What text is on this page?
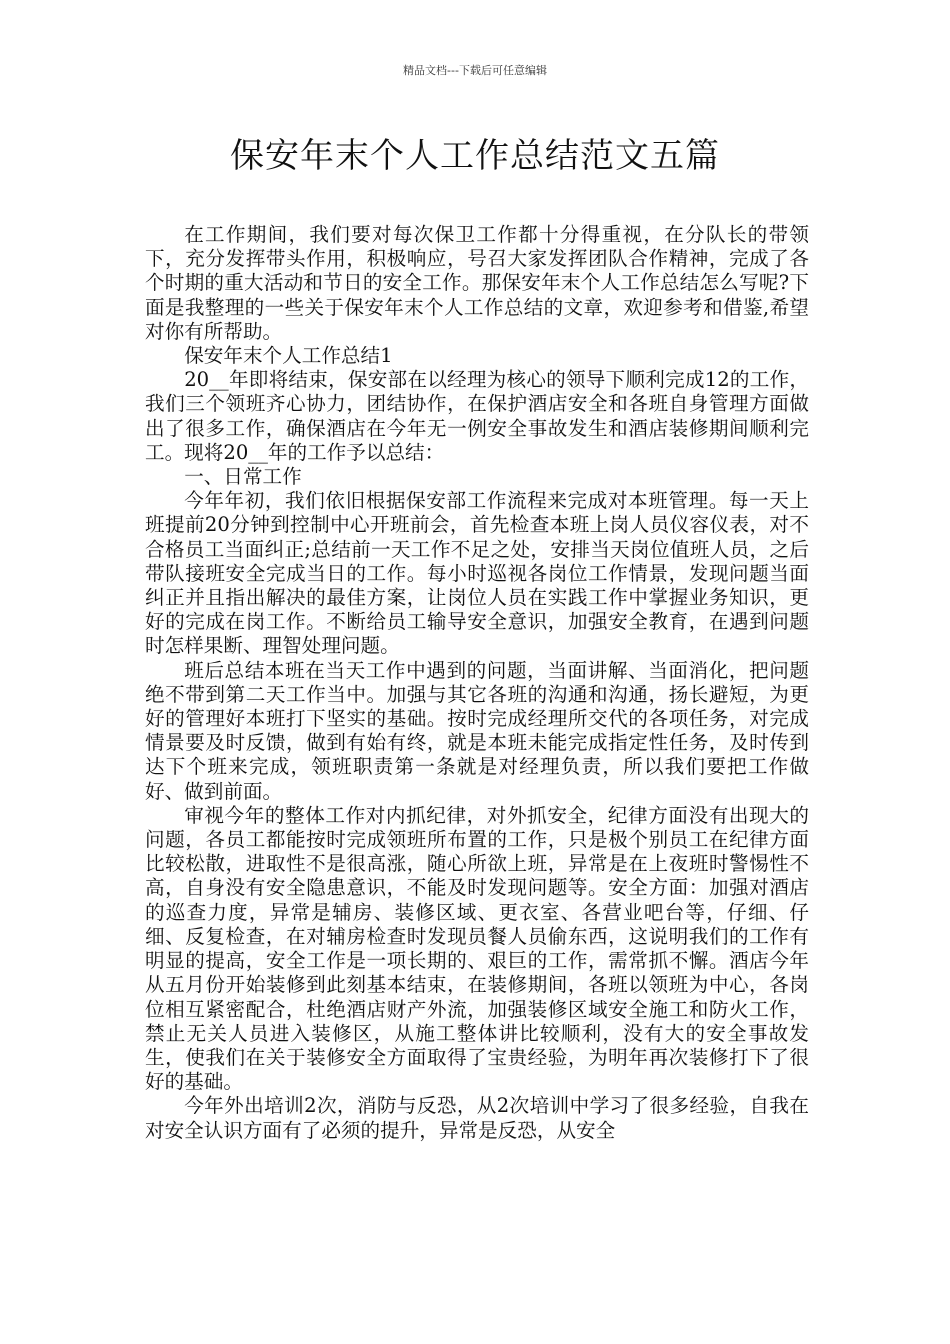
精品文档---下载后可任意编辑
保安年末个人工作总结范文五篇

在工作期间，我们要对每次保卫工作都十分得重视，在分队长的带领下，充分发挥带头作用，积极响应，号召大家发挥团队合作精神，完成了各个时期的重大活动和节日的安全工作。那保安年末个人工作总结怎么写呢?下面是我整理的一些关于保安年末个人工作总结的文章，欢迎参考和借鉴,希望对你有所帮助。

保安年末个人工作总结1

20__年即将结束，保安部在以经理为核心的领导下顺利完成12的工作，我们三个领班齐心协力，团结协作，在保护酒店安全和各班自身管理方面做出了很多工作，确保酒店在今年无一例安全事故发生和酒店装修期间顺利完工。现将20__年的工作予以总结：

一、日常工作

今年年初，我们依旧根据保安部工作流程来完成对本班管理。每一天上班提前20分钟到控制中心开班前会，首先检查本班上岗人员仪容仪表，对不合格员工当面纠正;总结前一天工作不足之处，安排当天岗位值班人员，之后带队接班安全完成当日的工作。每小时巡视各岗位工作情景，发现问题当面纠正并且指出解决的最佳方案，让岗位人员在实践工作中掌握业务知识，更好的完成在岗工作。不断给员工输导安全意识，加强安全教育，在遇到问题时怎样果断、理智处理问题。

班后总结本班在当天工作中遇到的问题，当面讲解、当面消化，把问题绝不带到第二天工作当中。加强与其它各班的沟通和沟通，扬长避短，为更好的管理好本班打下坚实的基础。按时完成经理所交代的各项任务，对完成情景要及时反馈，做到有始有终，就是本班未能完成指定性任务，及时传到达下个班来完成，领班职责第一条就是对经理负责，所以我们要把工作做好、做到前面。

审视今年的整体工作对内抓纪律，对外抓安全，纪律方面没有出现大的问题，各员工都能按时完成领班所布置的工作，只是极个别员工在纪律方面比较松散，进取性不是很高涨，随心所欲上班，异常是在上夜班时警惕性不高，自身没有安全隐患意识，不能及时发现问题等。安全方面：加强对酒店的巡查力度，异常是辅房、装修区域、更衣室、各营业吧台等，仔细、仔细、反复检查，在对辅房检查时发现员餐人员偷东西，这说明我们的工作有明显的提高，安全工作是一项长期的、艰巨的工作，需常抓不懈。酒店今年从五月份开始装修到此刻基本结束，在装修期间，各班以领班为中心，各岗位相互紧密配合，杜绝酒店财产外流，加强装修区域安全施工和防火工作，禁止无关人员进入装修区，从施工整体讲比较顺利，没有大的安全事故发生，使我们在关于装修安全方面取得了宝贵经验，为明年再次装修打下了很好的基础。

今年外出培训2次，消防与反恐，从2次培训中学习了很多经验，自我在对安全认识方面有了必须的提升，异常是反恐，从安全
